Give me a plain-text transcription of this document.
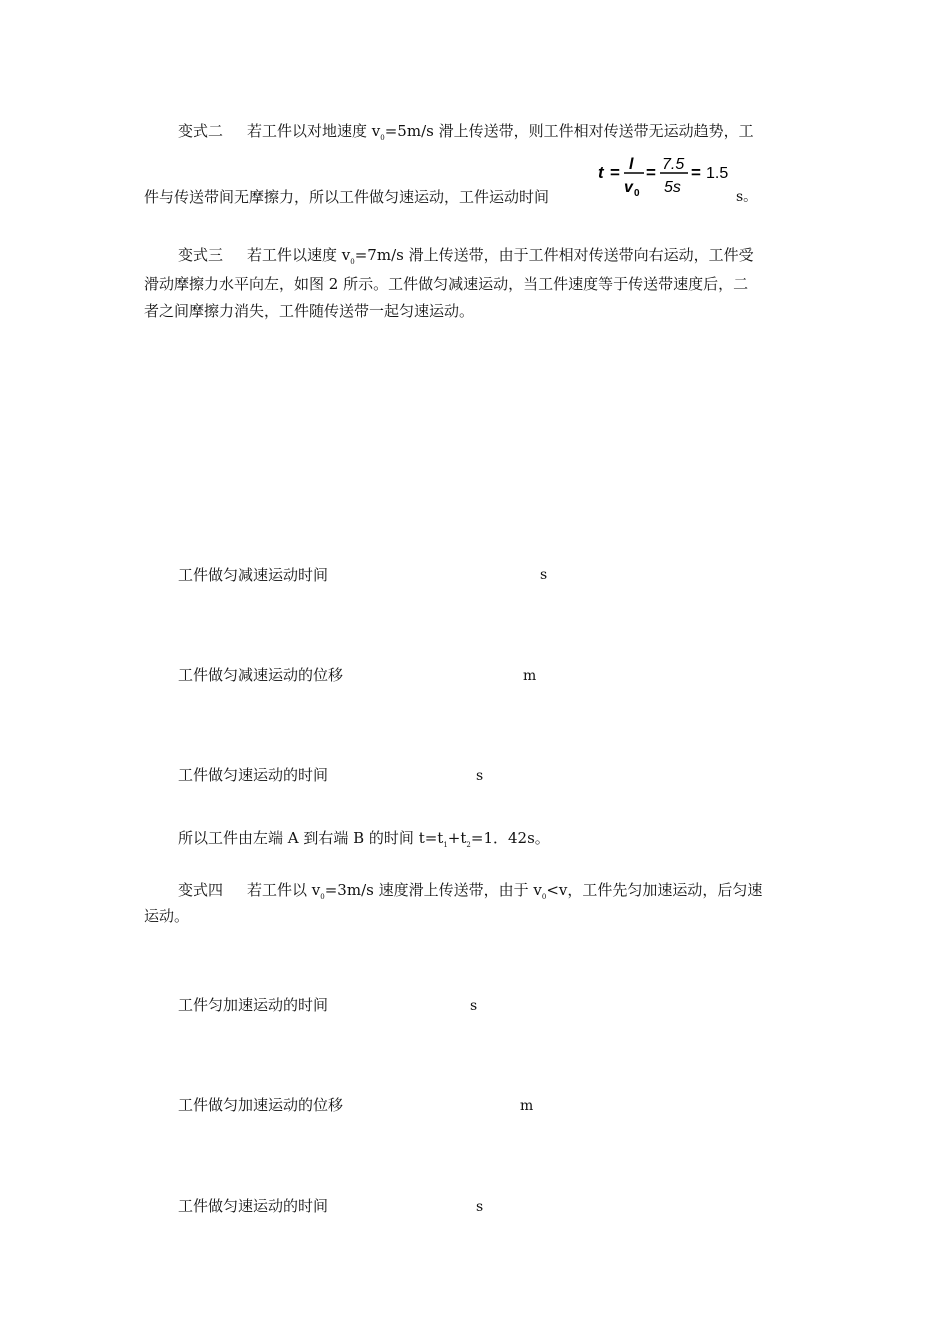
变式二 若工件以对地速度 $v_0=5m/s$ 滑上传送带，则工件相对传送带无运动趋势，工
件与传送带间无摩擦力，所以工件做匀速运动，工件运动时间
t = l
v 0
= 7.5
5s
= 1.5
s。
变式三 若工件以速度 $v_0=7m/s$ 滑上传送带，由于工件相对传送带向右运动，工件受
滑动摩擦力水平向左，如图 2 所示。工件做匀减速运动，当工件速度等于传送带速度后，二
者之间摩擦力消失，工件随传送带一起匀速运动。
工件做匀减速运动时间	s
工件做匀减速运动的位移	m
工件做匀速运动的时间	s
所以工件由左端 A 到右端 B 的时间 $t=t_1+t_2=1$．42s。
变式四 若工件以 $v_0=3m/s$ 速度滑上传送带，由于 $v_0<v$，工件先匀加速运动，后匀速
运动。
工件匀加速运动的时间	s
工件做匀加速运动的位移	m
工件做匀速运动的时间	s
